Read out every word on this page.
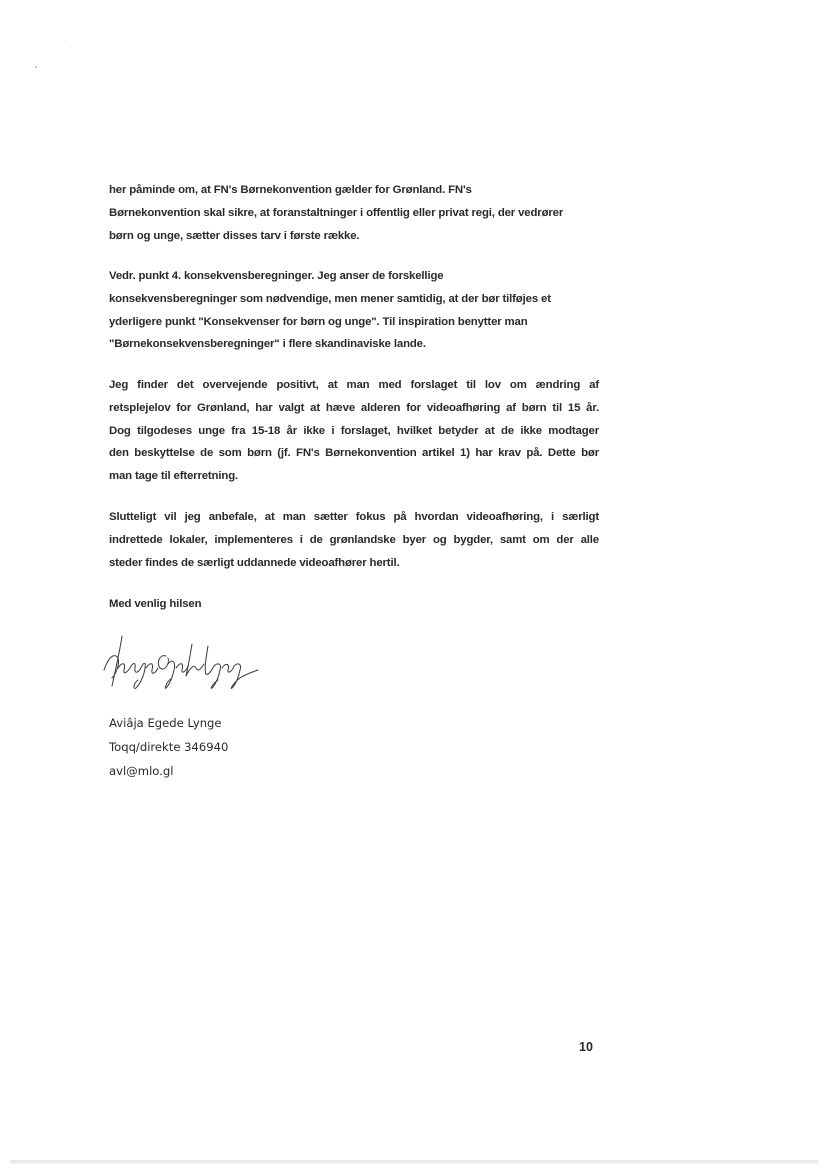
her påminde om, at FN's Børnekonvention gælder for Grønland. FN's
Børnekonvention skal sikre, at foranstaltninger i offentlig eller privat regi, der vedrører
børn og unge, sætter disses tarv i første række.
Vedr. punkt 4. konsekvensberegninger. Jeg anser de forskellige
konsekvensberegninger som nødvendige, men mener samtidig, at der bør tilføjes et
yderligere punkt "Konsekvenser for børn og unge". Til inspiration benytter man
"Børnekonsekvensberegninger" i flere skandinaviske lande.
Jeg finder det overvejende positivt, at man med forslaget til lov om ændring af
retsplejelov for Grønland, har valgt at hæve alderen for videoafhøring af børn til 15 år.
Dog tilgodeses unge fra 15-18 år ikke i forslaget, hvilket betyder at de ikke modtager
den beskyttelse de som børn (jf. FN's Børnekonvention artikel 1) har krav på. Dette bør
man tage til efterretning.
Slutteligt vil jeg anbefale, at man sætter fokus på hvordan videoafhøring, i særligt
indrettede lokaler, implementeres i de grønlandske byer og bygder, samt om der alle
steder findes de særligt uddannede videoafhører hertil.
Med venlig hilsen
Aviâja Egede Lynge
Toqq/direkte 346940
avl@mlo.gl
10
